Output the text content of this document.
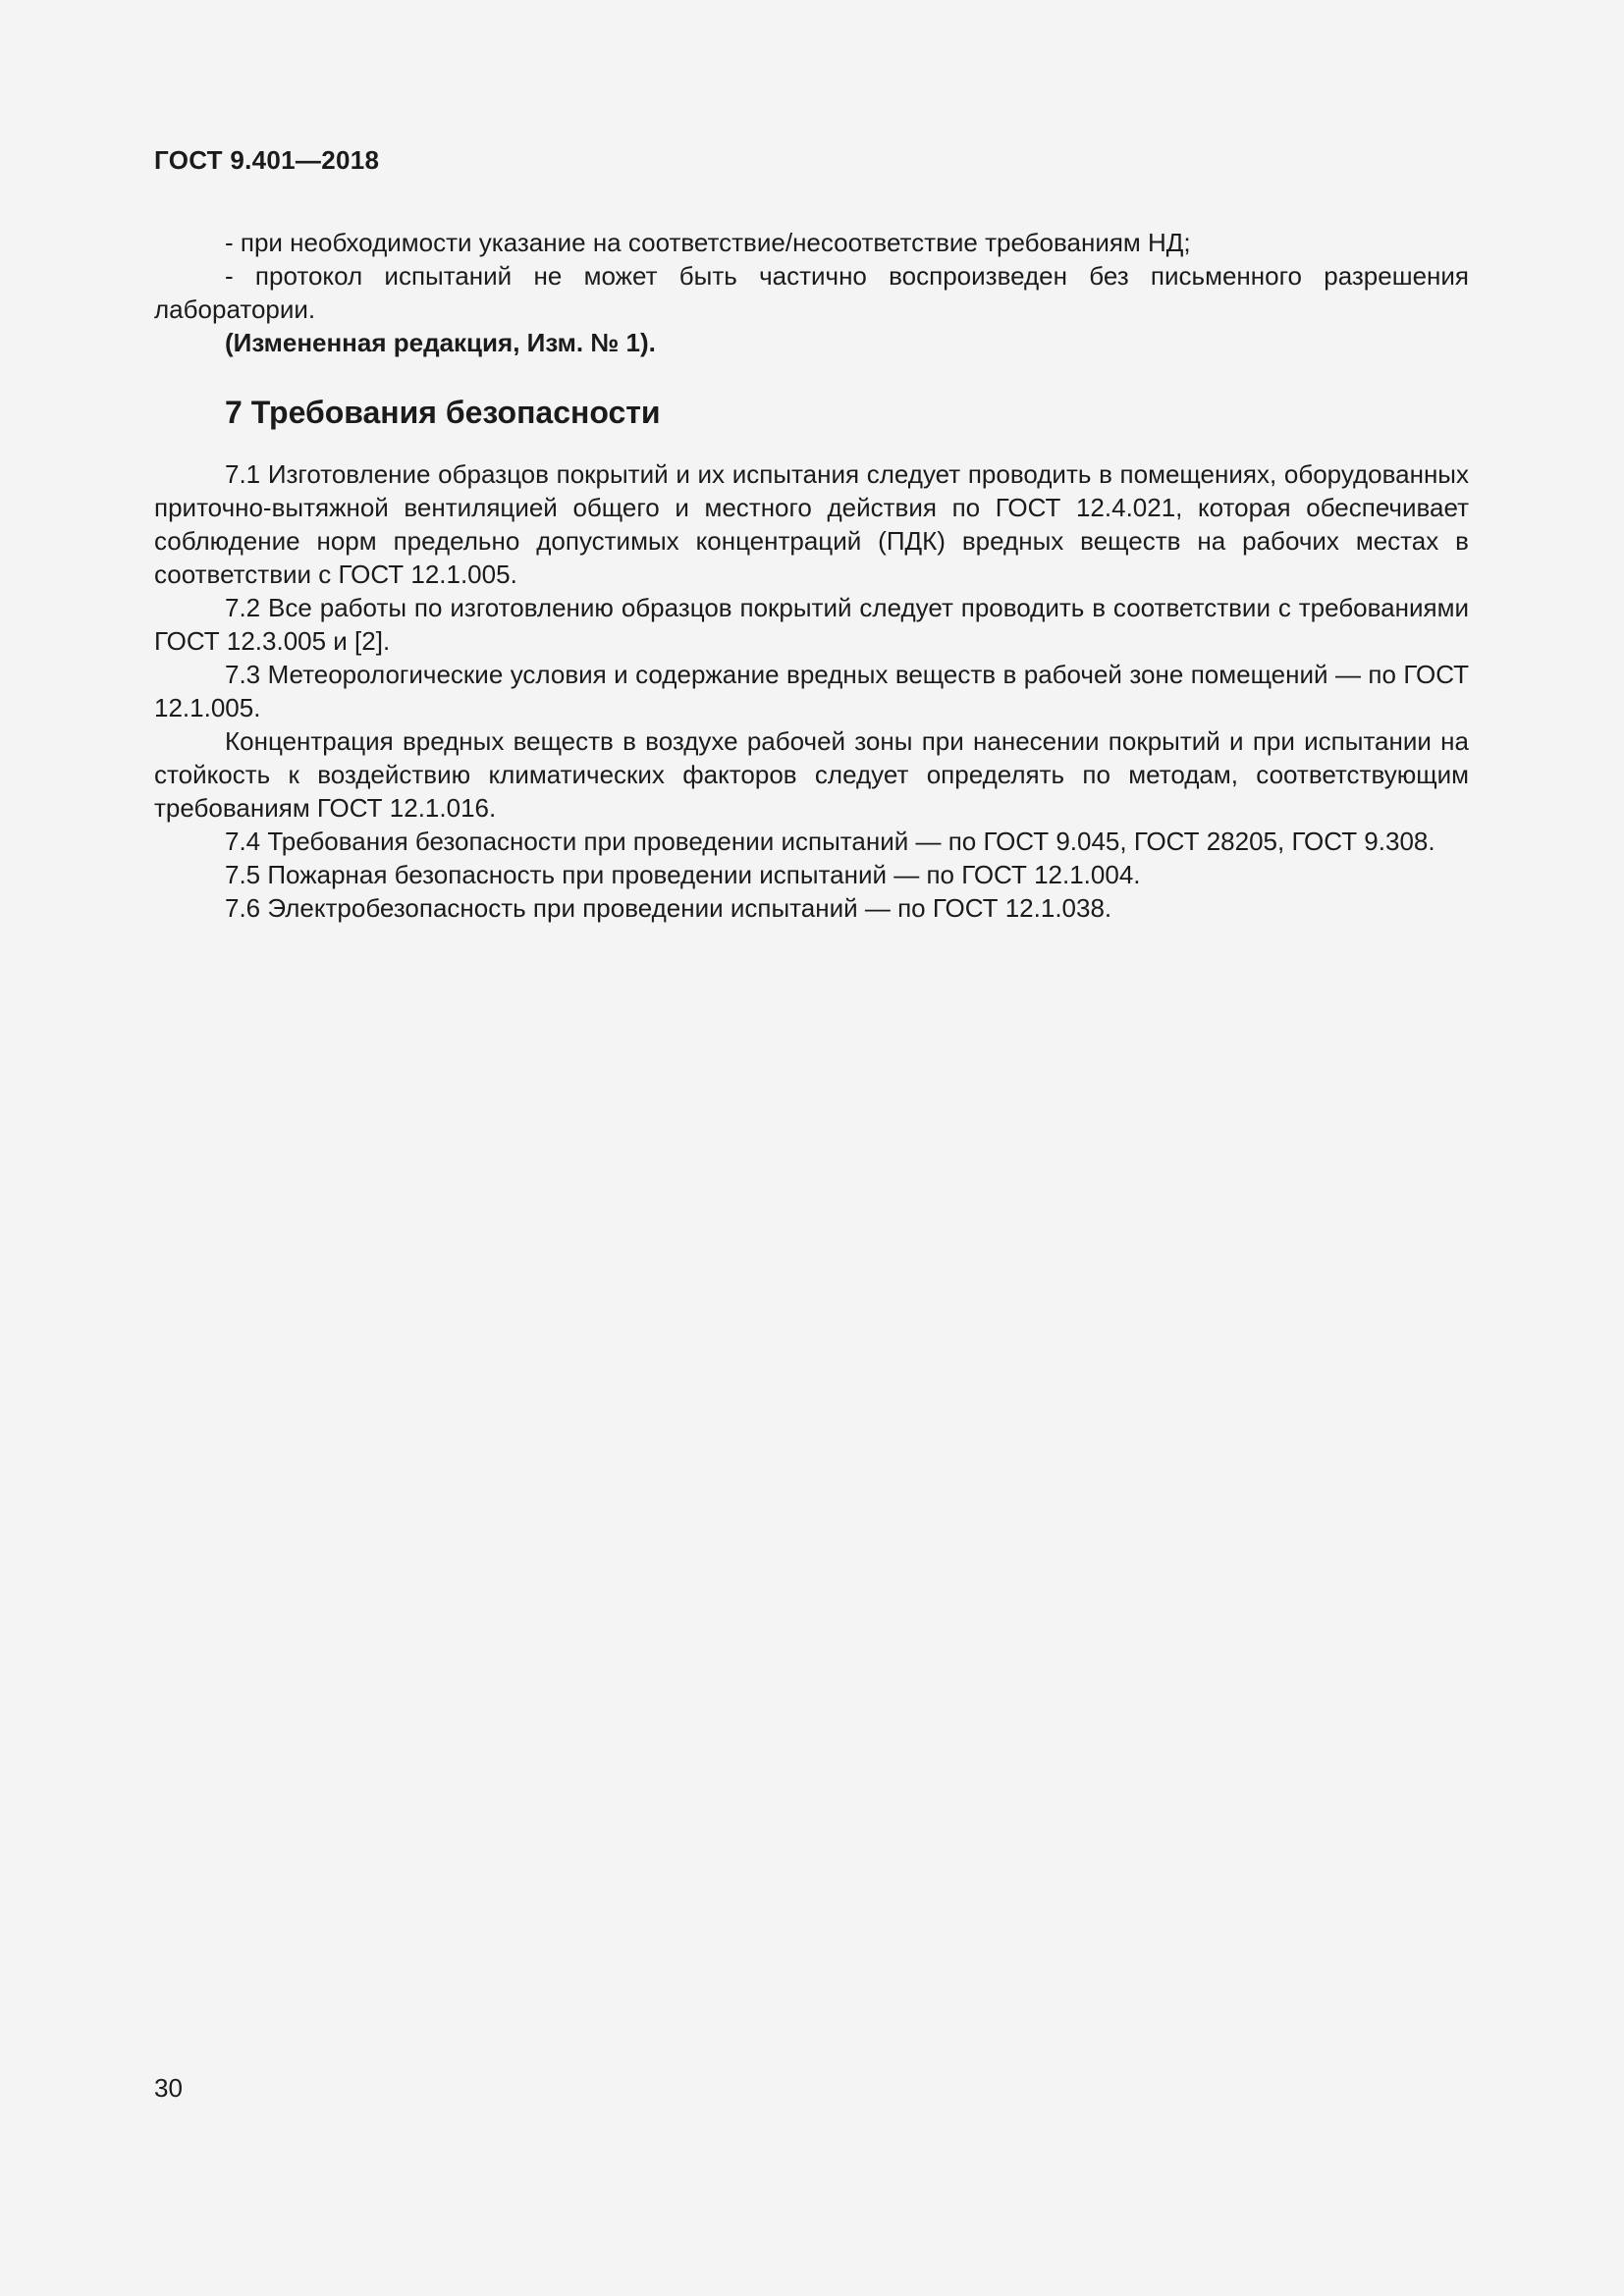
ГОСТ 9.401—2018

- при необходимости указание на соответствие/несоответствие требованиям НД;

- протокол испытаний не может быть частично воспроизведен без письменного разрешения лаборатории.

(Измененная редакция, Изм. № 1).

7 Требования безопасности

7.1 Изготовление образцов покрытий и их испытания следует проводить в помещениях, оборудованных приточно-вытяжной вентиляцией общего и местного действия по ГОСТ 12.4.021, которая обеспечивает соблюдение норм предельно допустимых концентраций (ПДК) вредных веществ на рабочих местах в соответствии с ГОСТ 12.1.005.

7.2 Все работы по изготовлению образцов покрытий следует проводить в соответствии с требованиями ГОСТ 12.3.005 и [2].

7.3 Метеорологические условия и содержание вредных веществ в рабочей зоне помещений — по ГОСТ 12.1.005.

Концентрация вредных веществ в воздухе рабочей зоны при нанесении покрытий и при испытании на стойкость к воздействию климатических факторов следует определять по методам, соответствующим требованиям ГОСТ 12.1.016.

7.4 Требования безопасности при проведении испытаний — по ГОСТ 9.045, ГОСТ 28205, ГОСТ 9.308.

7.5 Пожарная безопасность при проведении испытаний — по ГОСТ 12.1.004.

7.6 Электробезопасность при проведении испытаний — по ГОСТ 12.1.038.

30
